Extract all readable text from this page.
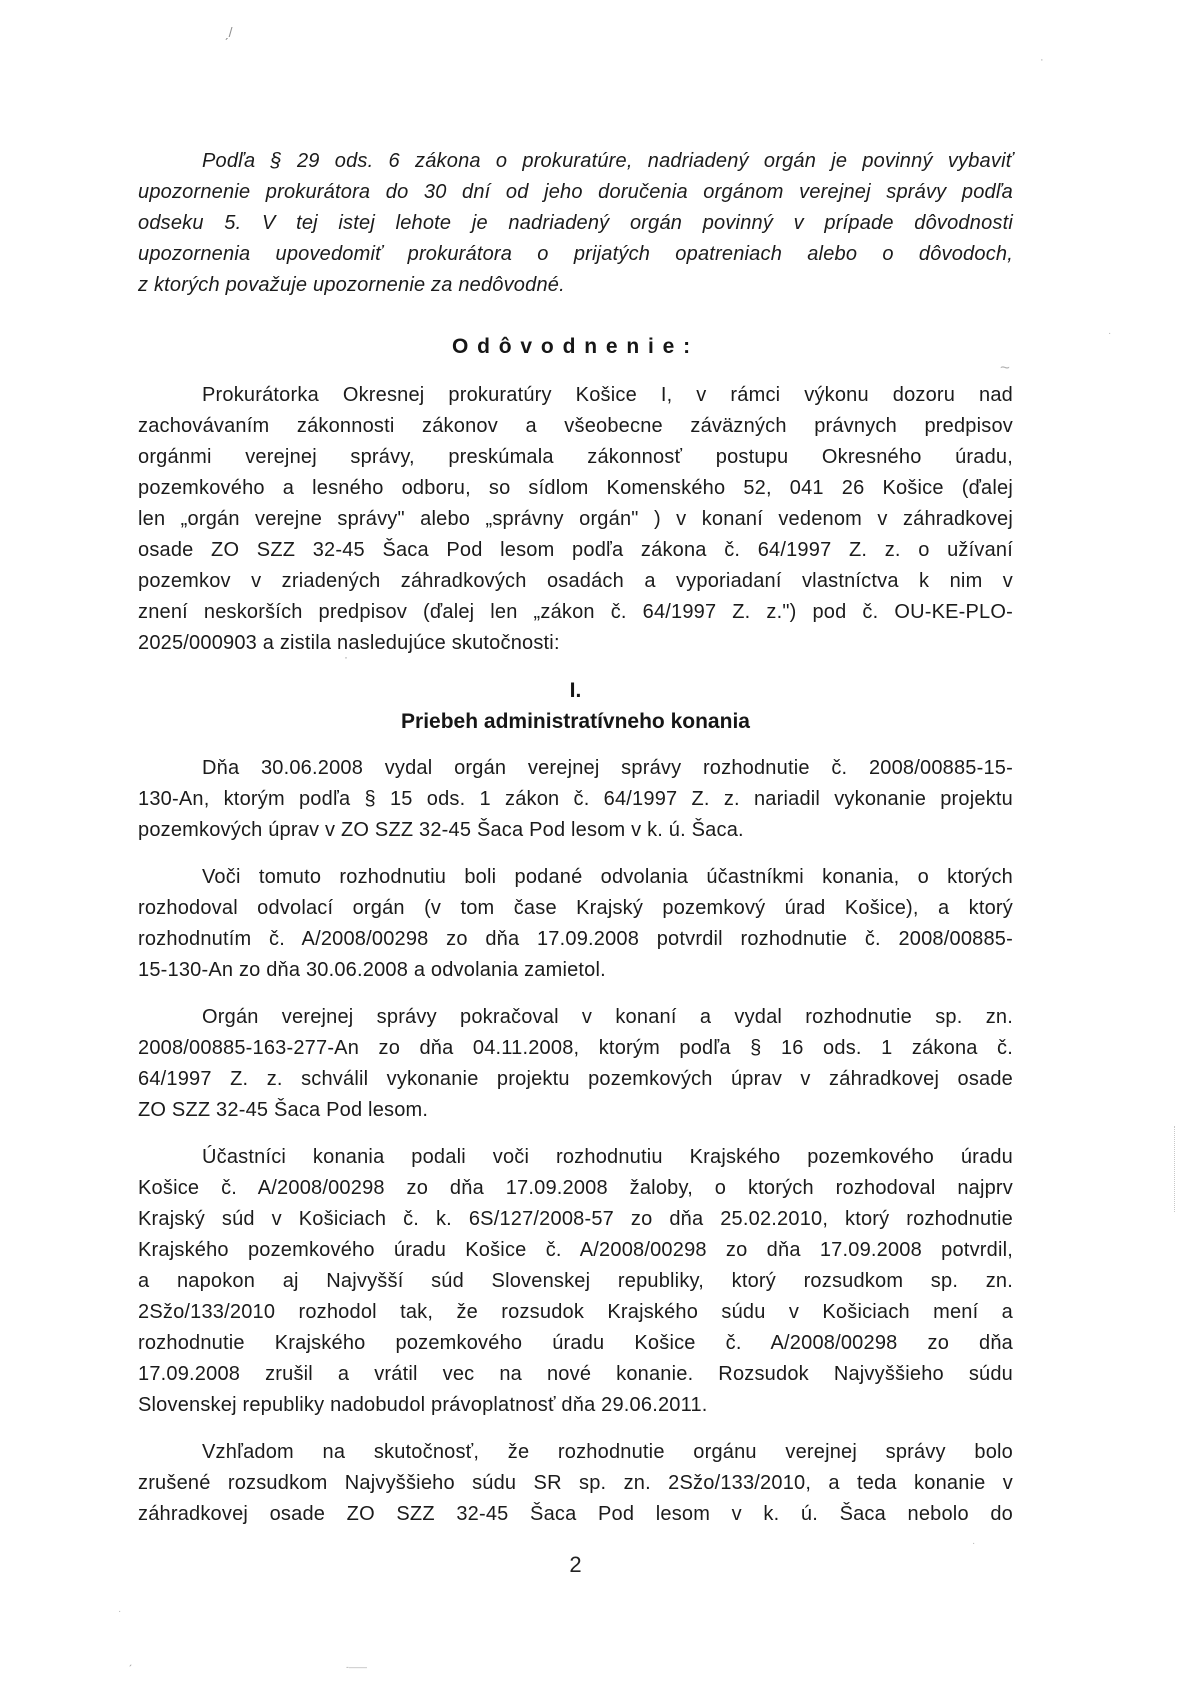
Podľa § 29 ods. 6 zákona o prokuratúre, nadriadený orgán je povinný vybaviť
upozornenie prokurátora do 30 dní od jeho doručenia orgánom verejnej správy podľa
odseku 5. V tej istej lehote je nadriadený orgán povinný v prípade dôvodnosti
upozornenia upovedomiť prokurátora o prijatých opatreniach alebo o dôvodoch,
z ktorých považuje upozornenie za nedôvodné.
Odôvodnenie:
Prokurátorka Okresnej prokuratúry Košice I, v rámci výkonu dozoru nad
zachovávaním zákonnosti zákonov a všeobecne záväzných právnych predpisov
orgánmi verejnej správy, preskúmala zákonnosť postupu Okresného úradu,
pozemkového a lesného odboru, so sídlom Komenského 52, 041 26 Košice (ďalej
len „orgán verejne správy" alebo „správny orgán" ) v konaní vedenom v záhradkovej
osade ZO SZZ 32-45 Šaca Pod lesom podľa zákona č. 64/1997 Z. z. o užívaní
pozemkov v zriadených záhradkových osadách a vyporiadaní vlastníctva k nim v
znení neskorších predpisov (ďalej len „zákon č. 64/1997 Z. z.") pod č. OU-KE-PLO-
2025/000903 a zistila nasledujúce skutočnosti:
I.
Priebeh administratívneho konania
Dňa 30.06.2008 vydal orgán verejnej správy rozhodnutie č. 2008/00885-15-
130-An, ktorým podľa § 15 ods. 1 zákon č. 64/1997 Z. z. nariadil vykonanie projektu
pozemkových úprav v ZO SZZ 32-45 Šaca Pod lesom v k. ú. Šaca.
Voči tomuto rozhodnutiu boli podané odvolania účastníkmi konania, o ktorých
rozhodoval odvolací orgán (v tom čase Krajský pozemkový úrad Košice), a ktorý
rozhodnutím č. A/2008/00298 zo dňa 17.09.2008 potvrdil rozhodnutie č. 2008/00885-
15-130-An zo dňa 30.06.2008 a odvolania zamietol.
Orgán verejnej správy pokračoval v konaní a vydal rozhodnutie sp. zn.
2008/00885-163-277-An zo dňa 04.11.2008, ktorým podľa § 16 ods. 1 zákona č.
64/1997 Z. z. schválil vykonanie projektu pozemkových úprav v záhradkovej osade
ZO SZZ 32-45 Šaca Pod lesom.
Účastníci konania podali voči rozhodnutiu Krajského pozemkového úradu
Košice č. A/2008/00298 zo dňa 17.09.2008 žaloby, o ktorých rozhodoval najprv
Krajský súd v Košiciach č. k. 6S/127/2008-57 zo dňa 25.02.2010, ktorý rozhodnutie
Krajského pozemkového úradu Košice č. A/2008/00298 zo dňa 17.09.2008 potvrdil,
a napokon aj Najvyšší súd Slovenskej republiky, ktorý rozsudkom sp. zn.
2Sžo/133/2010 rozhodol tak, že rozsudok Krajského súdu v Košiciach mení a
rozhodnutie Krajského pozemkového úradu Košice č. A/2008/00298 zo dňa
17.09.2008 zrušil a vrátil vec na nové konanie. Rozsudok Najvyššieho súdu
Slovenskej republiky nadobudol právoplatnosť dňa 29.06.2011.
Vzhľadom na skutočnosť, že rozhodnutie orgánu verejnej správy bolo
zrušené rozsudkom Najvyššieho súdu SR sp. zn. 2Sžo/133/2010, a teda konanie v
záhradkovej osade ZO SZZ 32-45 Šaca Pod lesom v k. ú. Šaca nebolo do
2
ˏ/
·
·
~
·
·
·
ˏ	‐——
